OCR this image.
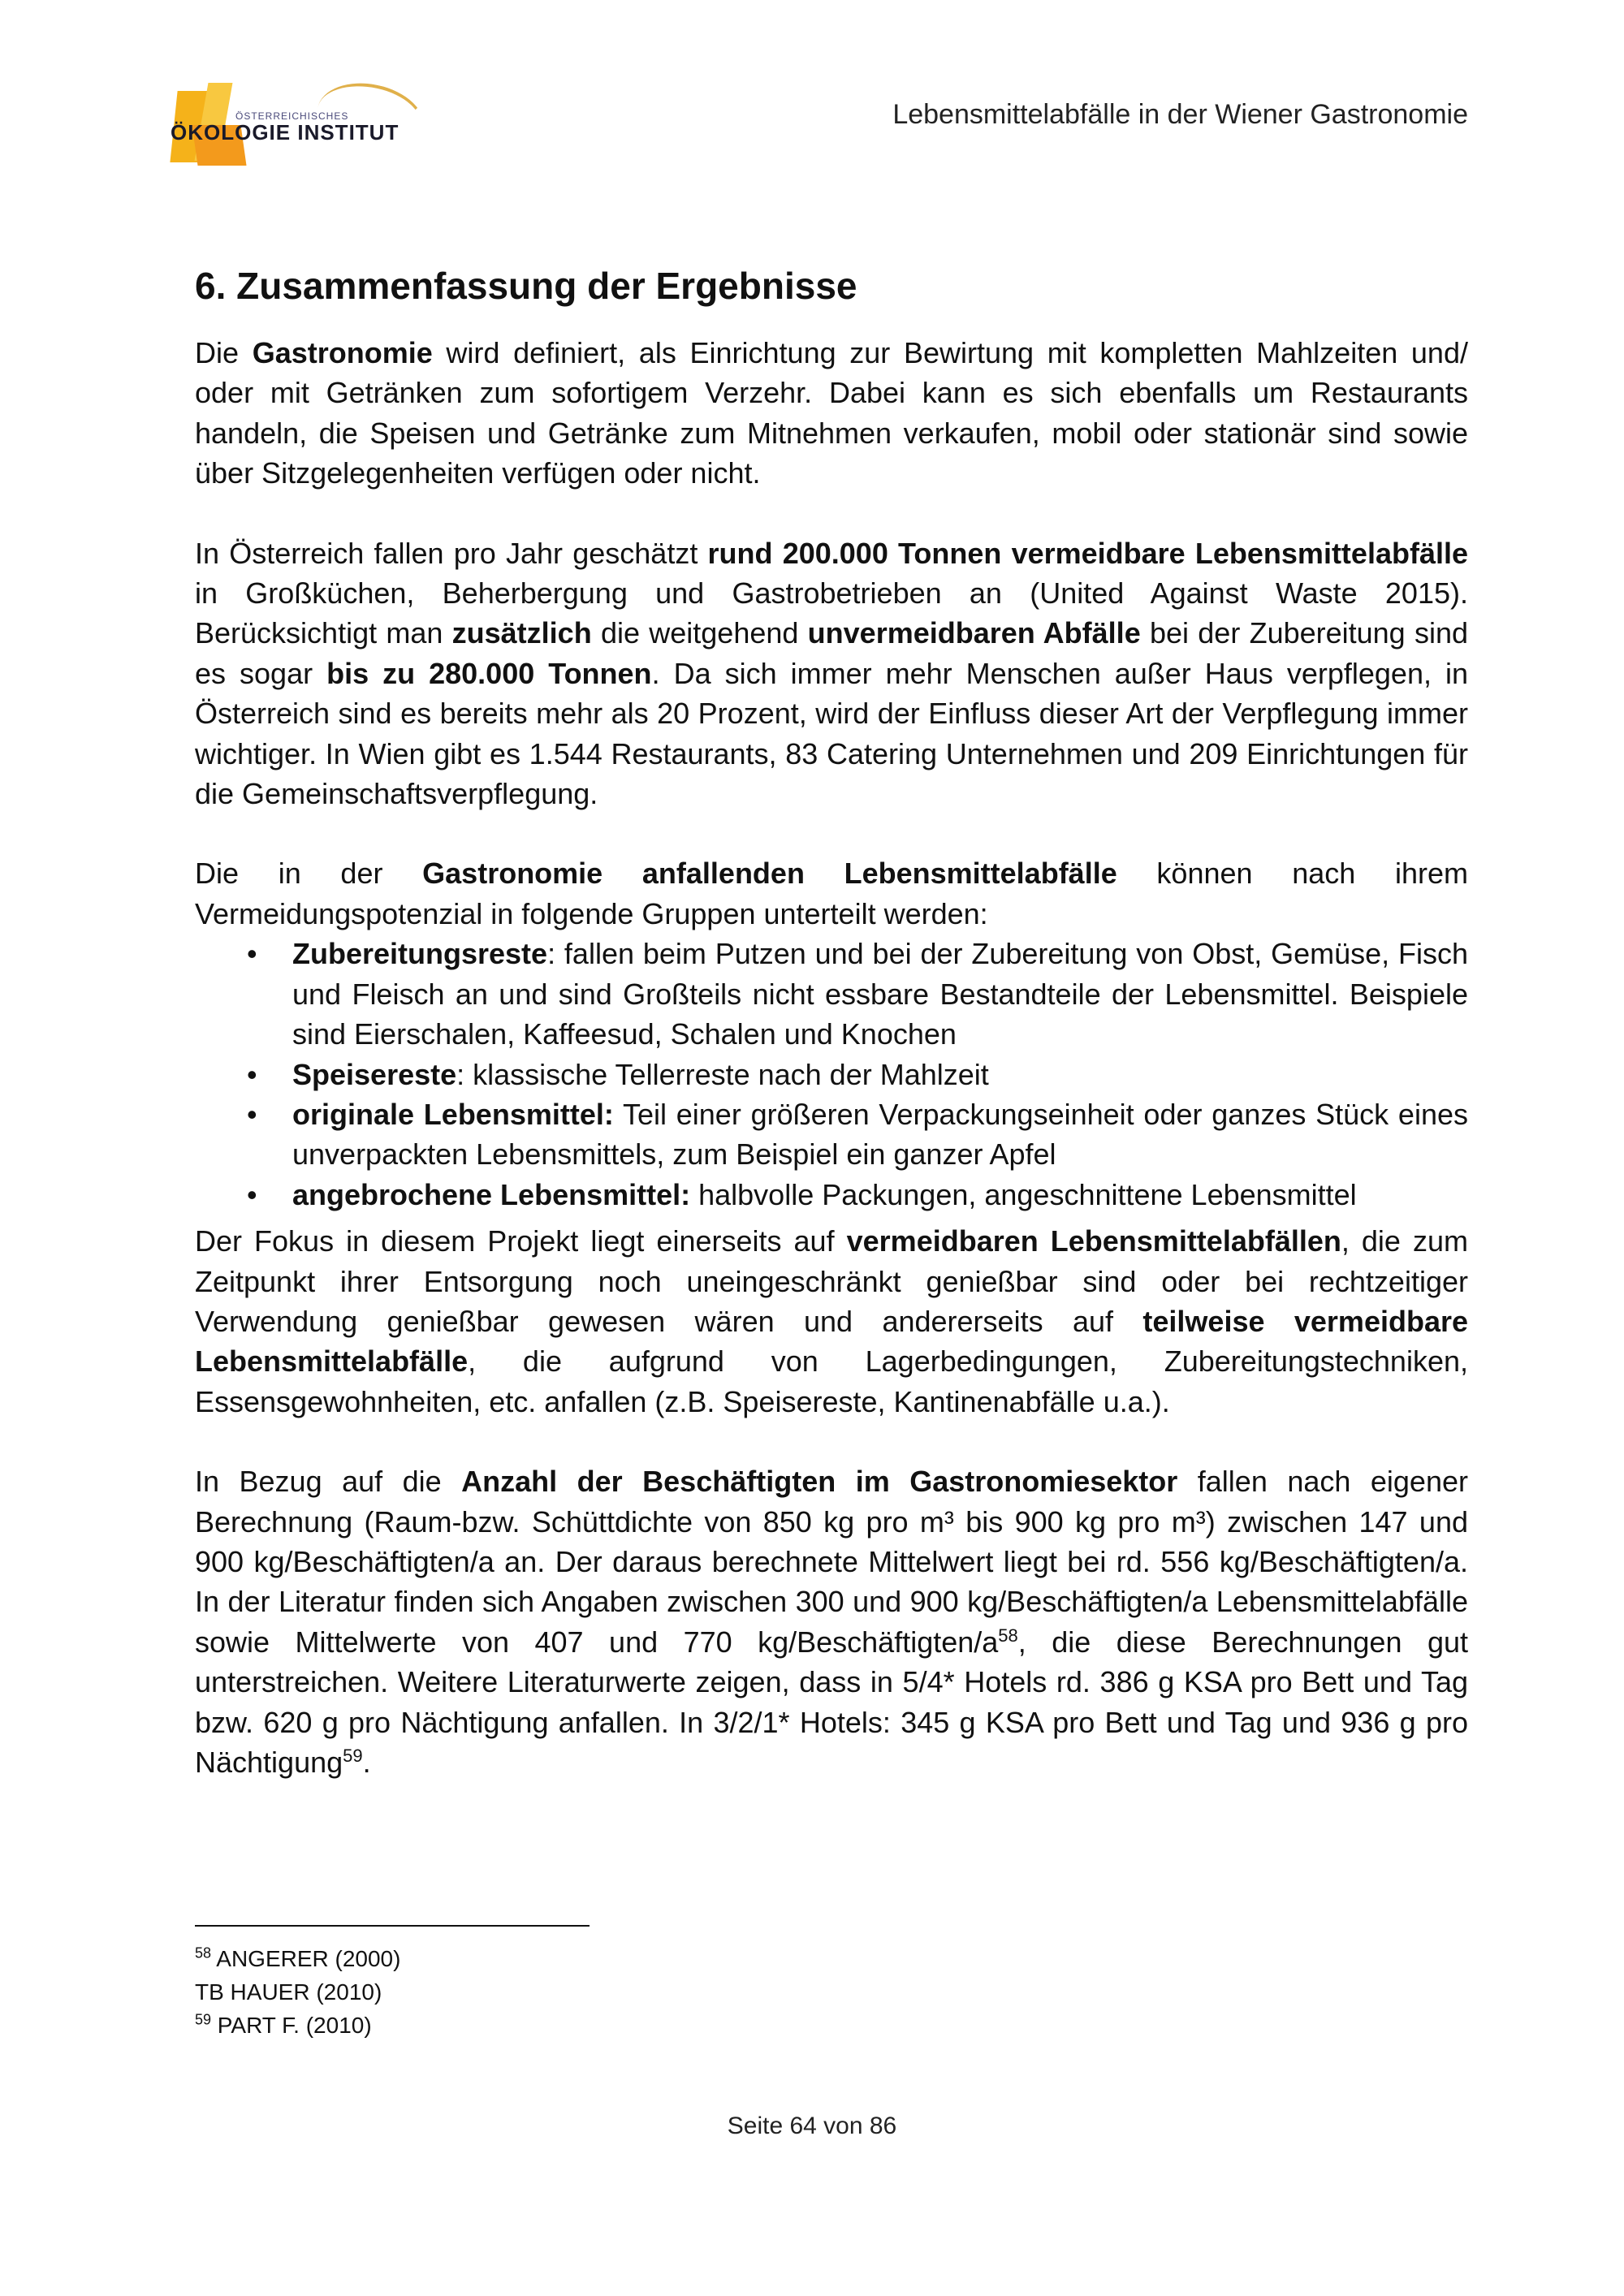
ÖSTERREICHISCHES
ÖKOLOGIE INSTITUT
Lebensmittelabfälle in der Wiener Gastronomie
6. Zusammenfassung der Ergebnisse

Die Gastronomie wird definiert, als Einrichtung zur Bewirtung mit kompletten Mahlzeiten und/ oder mit Getränken zum sofortigem Verzehr. Dabei kann es sich ebenfalls um Restaurants handeln, die Speisen und Getränke zum Mitnehmen verkaufen, mobil oder stationär sind sowie über Sitzgelegenheiten verfügen oder nicht.

In Österreich fallen pro Jahr geschätzt rund 200.000 Tonnen vermeidbare Lebensmittelabfälle in Großküchen, Beherbergung und Gastrobetrieben an (United Against Waste 2015). Berücksichtigt man zusätzlich die weitgehend unvermeidbaren Abfälle bei der Zubereitung sind es sogar bis zu 280.000 Tonnen. Da sich immer mehr Menschen außer Haus verpflegen, in Österreich sind es bereits mehr als 20 Prozent, wird der Einfluss dieser Art der Verpflegung immer wichtiger. In Wien gibt es 1.544 Restaurants, 83 Catering Unternehmen und 209 Einrichtungen für die Gemeinschaftsverpflegung.

Die in der Gastronomie anfallenden Lebensmittelabfälle können nach ihrem Vermeidungspotenzial in folgende Gruppen unterteilt werden:

• Zubereitungsreste: fallen beim Putzen und bei der Zubereitung von Obst, Gemüse, Fisch und Fleisch an und sind Großteils nicht essbare Bestandteile der Lebensmittel. Beispiele sind Eierschalen, Kaffeesud, Schalen und Knochen
• Speisereste: klassische Tellerreste nach der Mahlzeit
• originale Lebensmittel: Teil einer größeren Verpackungseinheit oder ganzes Stück eines unverpackten Lebensmittels, zum Beispiel ein ganzer Apfel
• angebrochene Lebensmittel: halbvolle Packungen, angeschnittene Lebensmittel

Der Fokus in diesem Projekt liegt einerseits auf vermeidbaren Lebensmittelabfällen, die zum Zeitpunkt ihrer Entsorgung noch uneingeschränkt genießbar sind oder bei rechtzeitiger Verwendung genießbar gewesen wären und andererseits auf teilweise vermeidbare Lebensmittelabfälle, die aufgrund von Lagerbedingungen, Zubereitungstechniken, Essensgewohnheiten, etc. anfallen (z.B. Speisereste, Kantinenabfälle u.a.).

In Bezug auf die Anzahl der Beschäftigten im Gastronomiesektor fallen nach eigener Berechnung (Raum-bzw. Schüttdichte von 850 kg pro m³ bis 900 kg pro m³) zwischen 147 und 900 kg/Beschäftigten/a an. Der daraus berechnete Mittelwert liegt bei rd. 556 kg/Beschäftigten/a. In der Literatur finden sich Angaben zwischen 300 und 900 kg/Beschäftigten/a Lebensmittelabfälle sowie Mittelwerte von 407 und 770 $kg/Beschäftigten/a^{58}$, die diese Berechnungen gut unterstreichen. Weitere Literaturwerte zeigen, dass in 5/4* Hotels rd. 386 g KSA pro Bett und Tag bzw. 620 g pro Nächtigung anfallen. In 3/2/1* Hotels: 345 g KSA pro Bett und Tag und 936 g pro Nächtigung$^{59}$.

$^{58}$ ANGERER (2000)
TB HAUER (2010)
$^{59}$ PART F. (2010)
Seite 64 von 86
